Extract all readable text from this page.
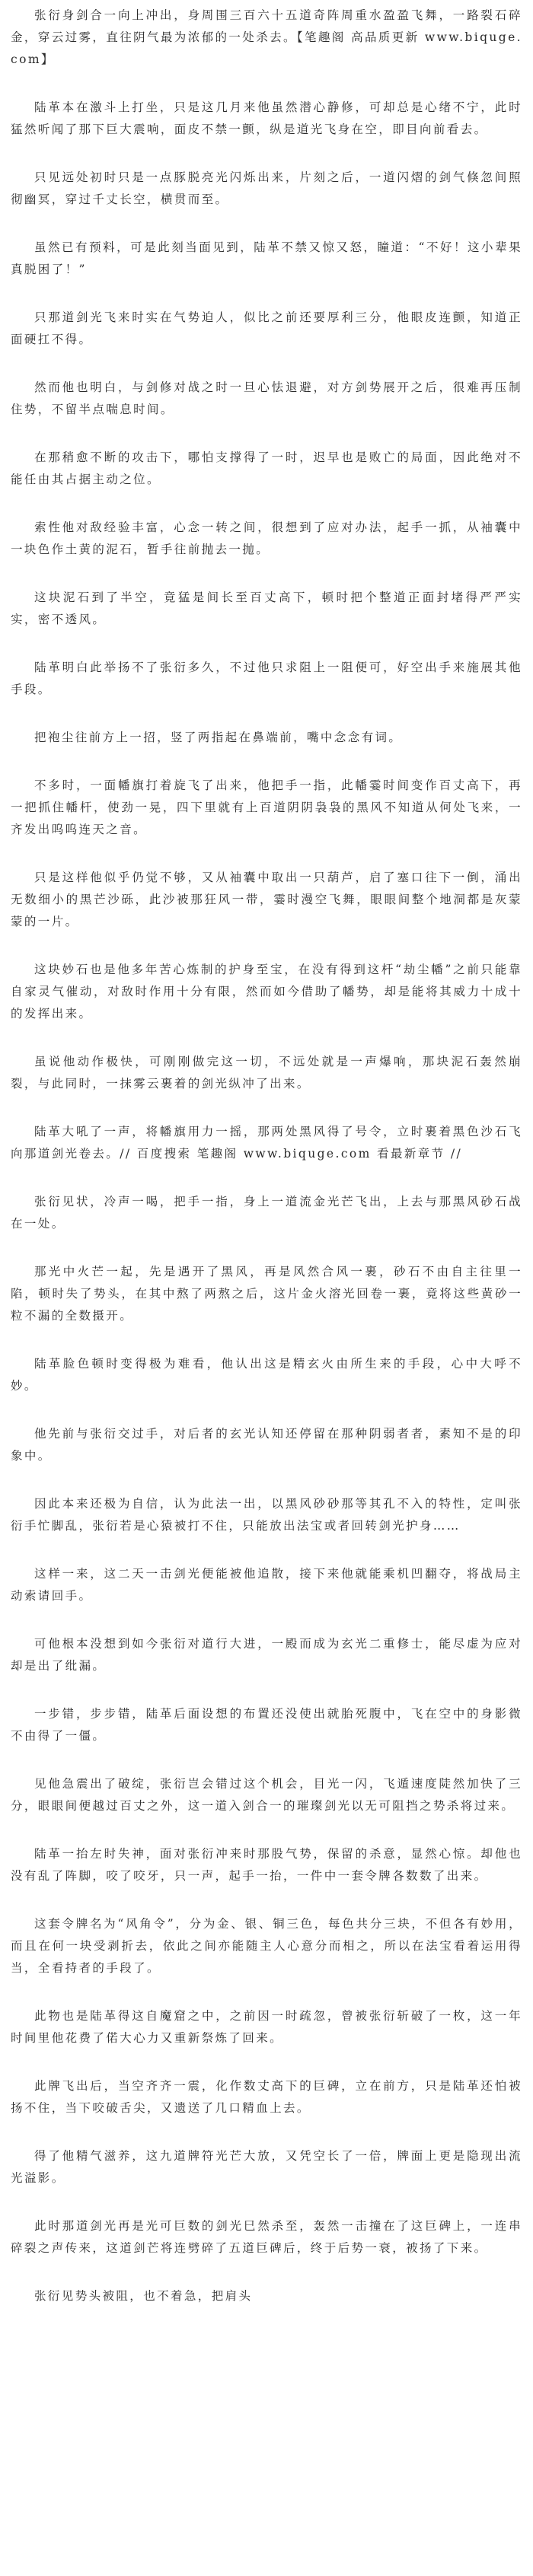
张衍身剑合一向上冲出，身周围三百六十五道奇阵周重水盈盈飞舞，一路裂石碎金，穿云过雾，直往阴气最为浓郁的一处杀去。【笔趣阁 高品质更新 www.biquge.com】

陆革本在激斗上打坐，只是这几月来他虽然潜心静修，可却总是心绪不宁，此时猛然听闻了那下巨大震响，面皮不禁一颤，纵是道光飞身在空，即目向前看去。

只见远处初时只是一点豚脱亮光闪烁出来，片刻之后，一道闪熠的剑气倏忽间照彻幽冥，穿过千丈长空，横贯而至。

虽然已有预料，可是此刻当面见到，陆革不禁又惊又怒，瞳道：“不好！这小辈果真脱困了！”

只那道剑光飞来时实在气势迫人，似比之前还要厚利三分，他眼皮连颤，知道正面硬扛不得。

然而他也明白，与剑修对战之时一旦心怯退避，对方剑势展开之后，很难再压制住势，不留半点喘息时间。

在那稍愈不断的攻击下，哪怕支撑得了一时，迟早也是败亡的局面，因此绝对不能任由其占据主动之位。

索性他对敌经验丰富，心念一转之间，很想到了应对办法，起手一抓，从袖囊中一块色作土黄的泥石，暂手往前抛去一抛。

这块泥石到了半空，竟猛是间长至百丈高下，顿时把个整道正面封堵得严严实实，密不透风。

陆革明白此举扬不了张衍多久，不过他只求阻上一阻便可，好空出手来施展其他手段。

把袍尘往前方上一招，竖了两指起在鼻端前，嘴中念念有词。

不多时，一面幡旗打着旋飞了出来，他把手一指，此幡霎时间变作百丈高下，再一把抓住幡杆，使劲一晃，四下里就有上百道阴阴袅袅的黑风不知道从何处飞来，一齐发出呜呜连天之音。

只是这样他似乎仍觉不够，又从袖囊中取出一只葫芦，启了塞口往下一倒，涌出无数细小的黑芒沙砾，此沙被那狂风一带，霎时漫空飞舞，眼眼间整个地洞都是灰蒙蒙的一片。

这块妙石也是他多年苦心炼制的护身至宝，在没有得到这杆“劫尘幡”之前只能靠自家灵气催动，对敌时作用十分有限，然而如今借助了幡势，却是能将其威力十成十的发挥出来。

虽说他动作极快，可刚刚做完这一切，不远处就是一声爆响，那块泥石轰然崩裂，与此同时，一抹雾云裹着的剑光纵冲了出来。

陆革大吼了一声，将幡旗用力一摇，那两处黑风得了号令，立时裹着黑色沙石飞向那道剑光卷去。// 百度搜索 笔趣阁 www.biquge.com 看最新章节 //

张衍见状，冷声一喝，把手一指，身上一道流金光芒飞出，上去与那黑风砂石战在一处。

那光中火芒一起，先是遇开了黑风，再是风然合风一裹，砂石不由自主往里一陷，顿时失了势头，在其中熬了两熬之后，这片金火溶光回卷一裹，竟将这些黄砂一粒不漏的全数摄开。

陆革脸色顿时变得极为难看，他认出这是精玄火由所生来的手段，心中大呼不妙。

他先前与张衍交过手，对后者的玄光认知还停留在那种阴弱者者，素知不是的印象中。

因此本来还极为自信，认为此法一出，以黑风砂砂那等其孔不入的特性，定叫张衍手忙脚乱，张衍若是心猿被打不住，只能放出法宝或者回转剑光护身……

这样一来，这二天一击剑光便能被他追散，接下来他就能乘机凹翻夺，将战局主动索请回手。

可他根本没想到如今张衍对道行大进，一殿而成为玄光二重修士，能尽虚为应对却是出了纰漏。

一步错，步步错，陆革后面设想的布置还没使出就胎死腹中，飞在空中的身影微不由得了一僵。

见他急震出了破绽，张衍岂会错过这个机会，目光一闪，飞遁速度陡然加快了三分，眼眼间便越过百丈之外，这一道入剑合一的璀璨剑光以无可阻挡之势杀将过来。

陆革一抬左时失神，面对张衍冲来时那股气势，保留的杀意，显然心惊。却他也没有乱了阵脚，咬了咬牙，只一声，起手一抬，一件中一套令牌各数数了出来。

这套令牌名为“风角令”，分为金、银、铜三色，每色共分三块，不但各有妙用，而且在何一块受剥折去，依此之间亦能随主人心意分而相之，所以在法宝看着运用得当，全看持者的手段了。

此物也是陆革得这自魔窟之中，之前因一时疏忽，曾被张衍斩破了一枚，这一年时间里他花费了偌大心力又重新祭炼了回来。

此牌飞出后，当空齐齐一震，化作数丈高下的巨碑，立在前方，只是陆革还怕被扬不住，当下咬破舌尖，又遗送了几口精血上去。

得了他精气滋养，这九道牌符光芒大放，又凭空长了一倍，牌面上更是隐现出流光溢影。

此时那道剑光再是光可巨数的剑光巳然杀至，轰然一击撞在了这巨碑上，一连串碎裂之声传来，这道剑芒将连劈碎了五道巨碑后，终于后势一衰，被扬了下来。

张衍见势头被阻，也不着急，把肩头
